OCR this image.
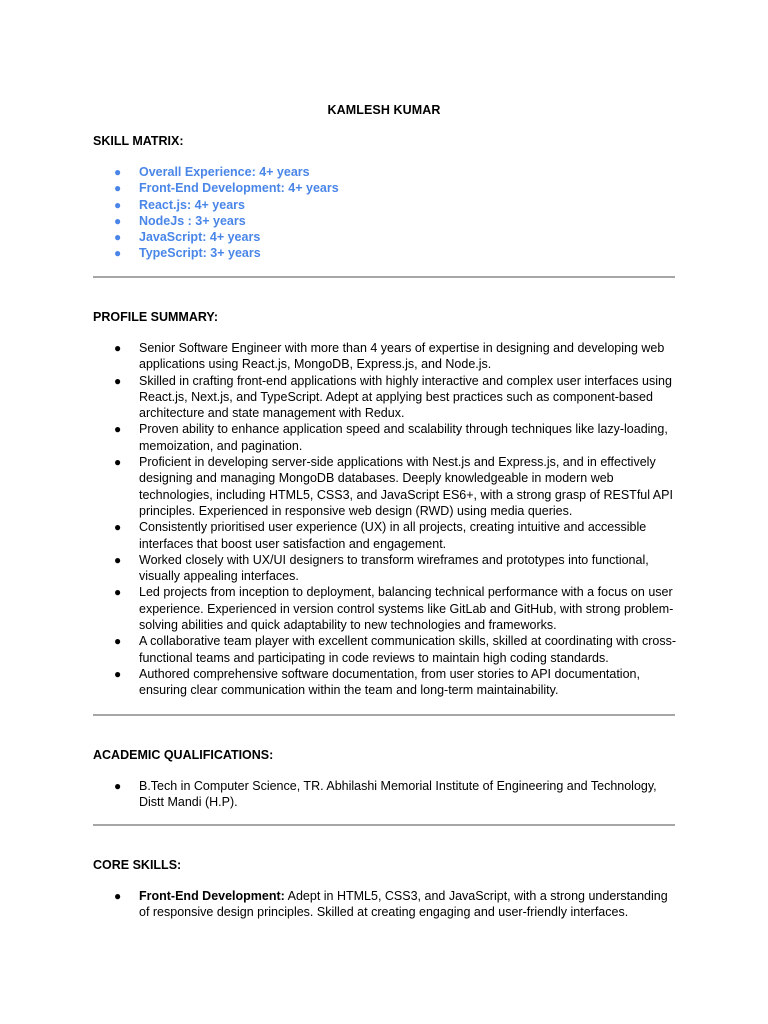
KAMLESH KUMAR
SKILL MATRIX:
● Overall Experience: 4+ years
● Front-End Development: 4+ years
● React.js: 4+ years
● NodeJs : 3+ years
● JavaScript: 4+ years
● TypeScript: 3+ years
PROFILE SUMMARY:
● Senior Software Engineer with more than 4 years of expertise in designing and developing web applications using React.js, MongoDB, Express.js, and Node.js.
● Skilled in crafting front-end applications with highly interactive and complex user interfaces using React.js, Next.js, and TypeScript. Adept at applying best practices such as component-based architecture and state management with Redux.
● Proven ability to enhance application speed and scalability through techniques like lazy-loading, memoization, and pagination.
● Proficient in developing server-side applications with Nest.js and Express.js, and in effectively designing and managing MongoDB databases. Deeply knowledgeable in modern web technologies, including HTML5, CSS3, and JavaScript ES6+, with a strong grasp of RESTful API principles. Experienced in responsive web design (RWD) using media queries.
● Consistently prioritised user experience (UX) in all projects, creating intuitive and accessible interfaces that boost user satisfaction and engagement.
● Worked closely with UX/UI designers to transform wireframes and prototypes into functional, visually appealing interfaces.
● Led projects from inception to deployment, balancing technical performance with a focus on user experience. Experienced in version control systems like GitLab and GitHub, with strong problem-solving abilities and quick adaptability to new technologies and frameworks.
● A collaborative team player with excellent communication skills, skilled at coordinating with cross-functional teams and participating in code reviews to maintain high coding standards.
● Authored comprehensive software documentation, from user stories to API documentation, ensuring clear communication within the team and long-term maintainability.
ACADEMIC QUALIFICATIONS:
● B.Tech in Computer Science, TR. Abhilashi Memorial Institute of Engineering and Technology, Distt Mandi (H.P).
CORE SKILLS:
● Front-End Development: Adept in HTML5, CSS3, and JavaScript, with a strong understanding of responsive design principles. Skilled at creating engaging and user-friendly interfaces.
